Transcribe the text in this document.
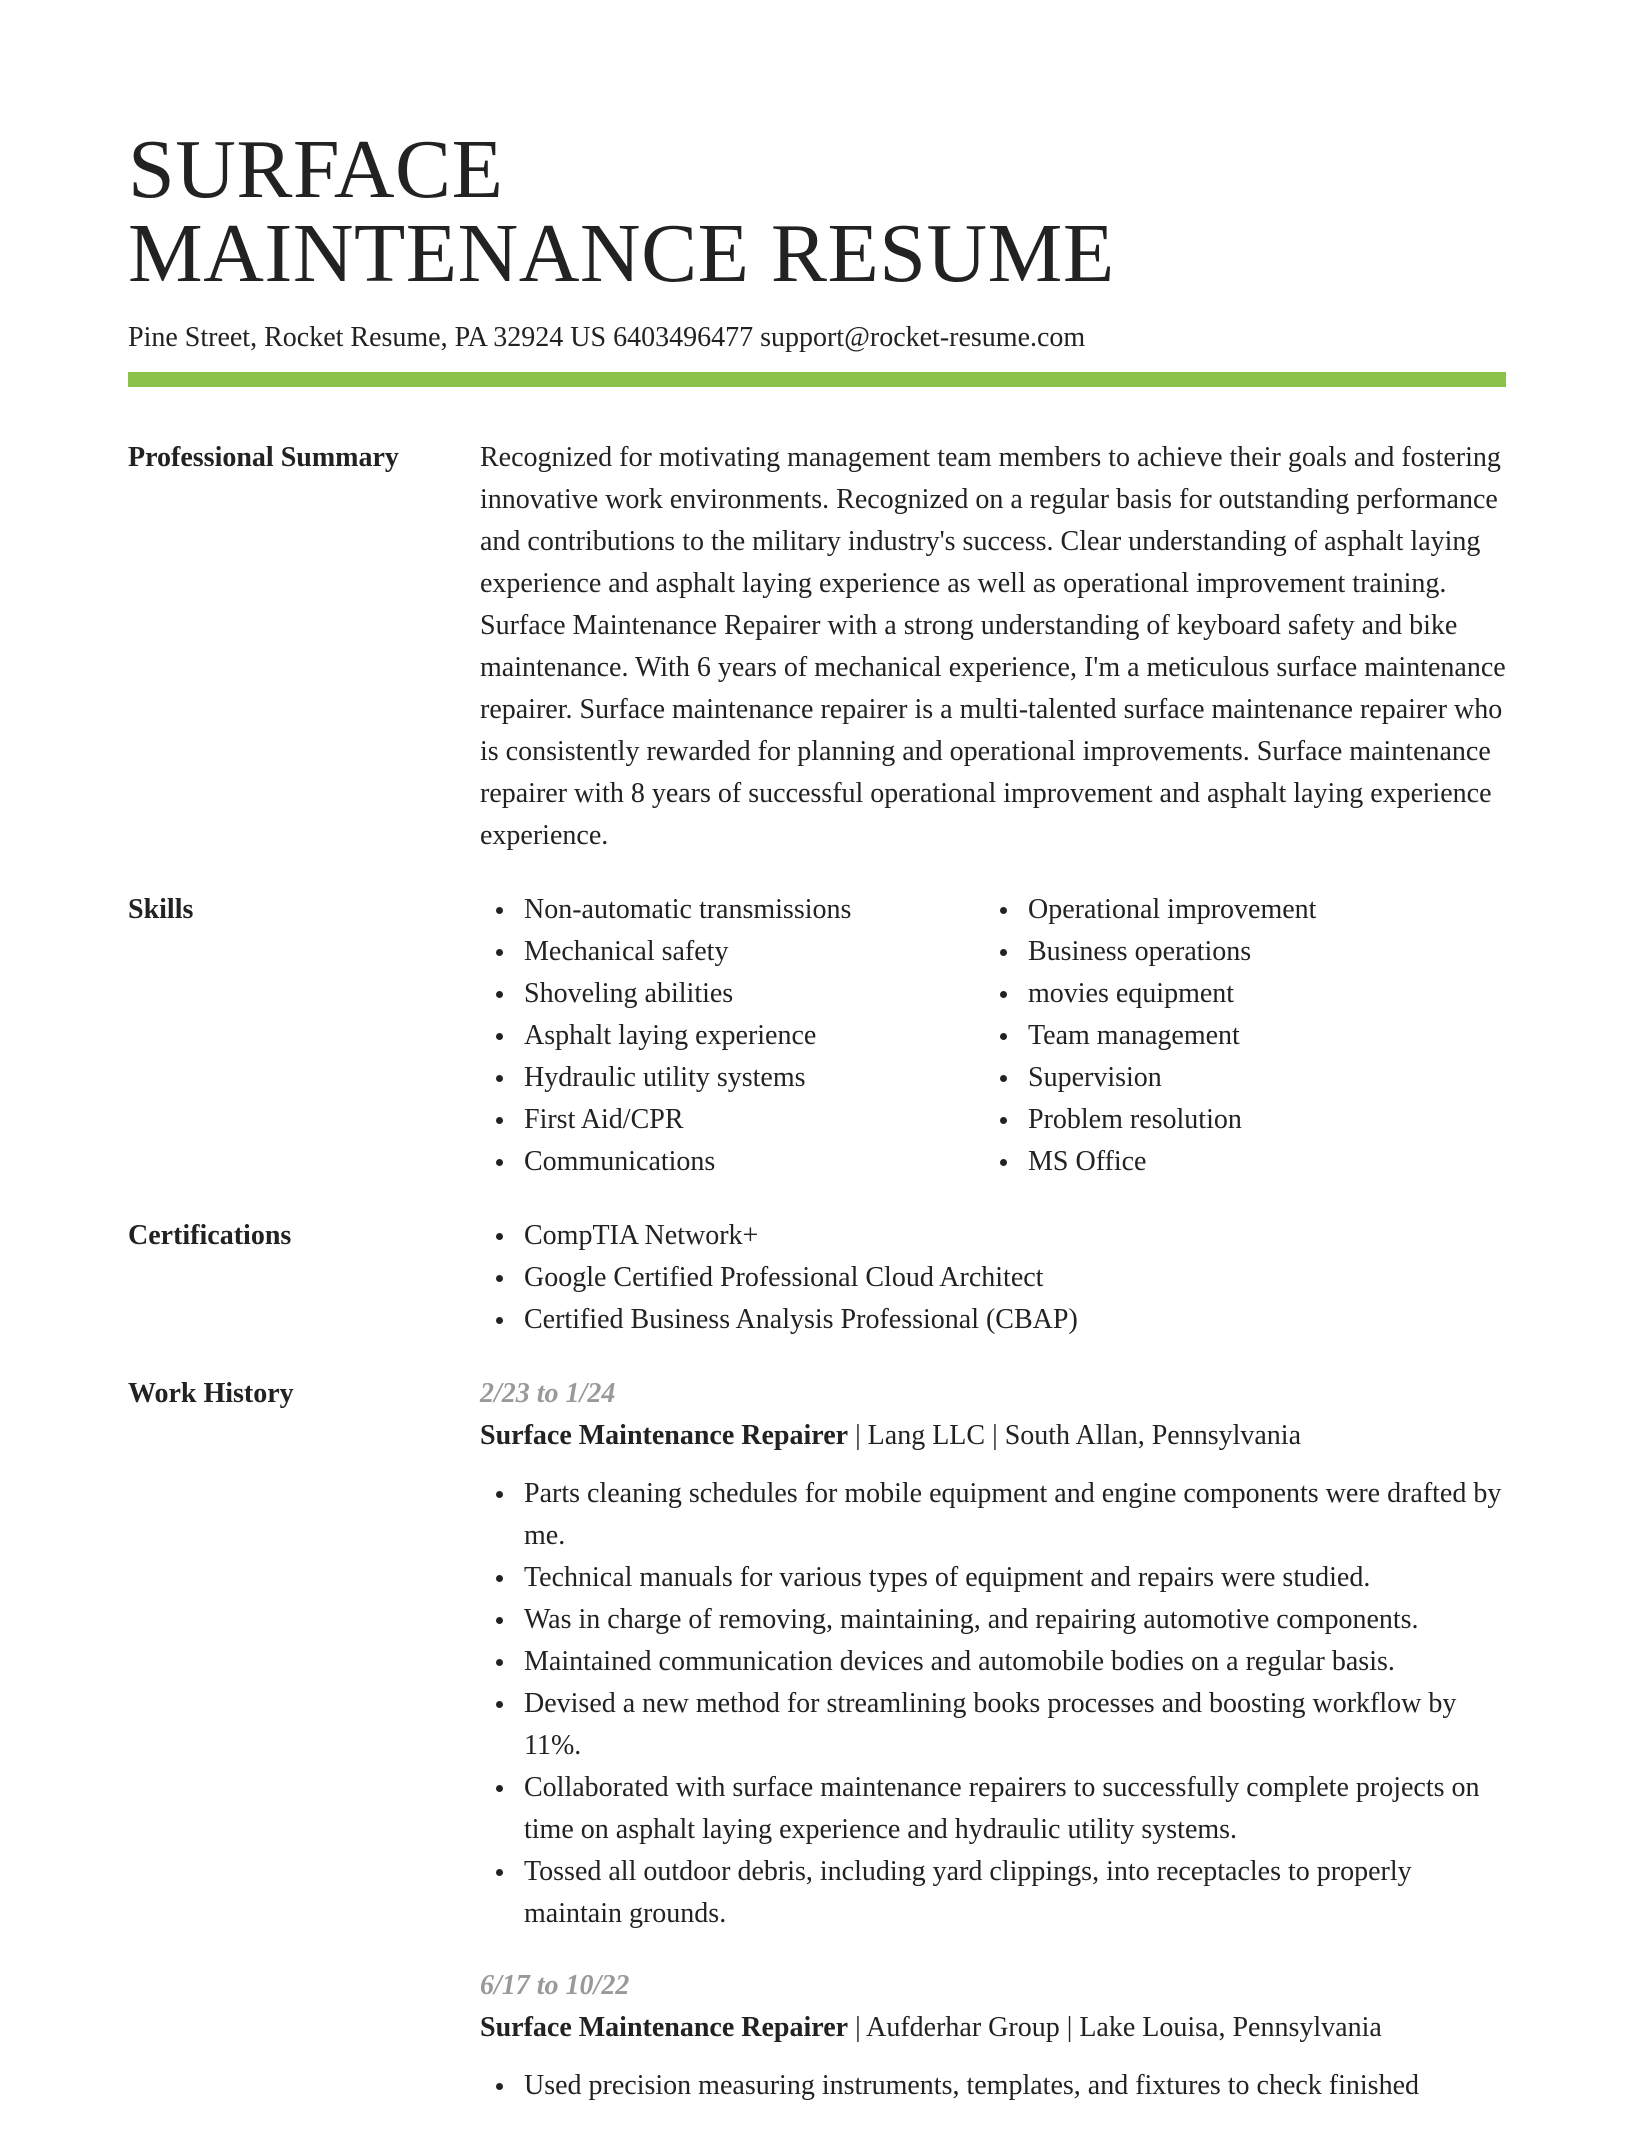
SURFACE
MAINTENANCE RESUME
Pine Street, Rocket Resume, PA 32924 US 6403496477 support@rocket-resume.com
Professional Summary	Recognized for motivating management team members to achieve their goals and fostering innovative work environments. Recognized on a regular basis for outstanding performance and contributions to the military industry's success. Clear understanding of asphalt laying experience and asphalt laying experience as well as operational improvement training. Surface Maintenance Repairer with a strong understanding of keyboard safety and bike maintenance. With 6 years of mechanical experience, I'm a meticulous surface maintenance repairer. Surface maintenance repairer is a multi-talented surface maintenance repairer who is consistently rewarded for planning and operational improvements. Surface maintenance repairer with 8 years of successful operational improvement and asphalt laying experience experience.

Skills	Non-automatic transmissions
Mechanical safety
Shoveling abilities
Asphalt laying experience
Hydraulic utility systems
First Aid/CPR
Communications
Operational improvement
Business operations
movies equipment
Team management
Supervision
Problem resolution
MS Office
Certifications	CompTIA Network+
Google Certified Professional Cloud Architect
Certified Business Analysis Professional (CBAP)
Work History	2/23 to 1/24
Surface Maintenance Repairer | Lang LLC | South Allan, Pennsylvania
Parts cleaning schedules for mobile equipment and engine components were drafted by me.
Technical manuals for various types of equipment and repairs were studied.
Was in charge of removing, maintaining, and repairing automotive components.
Maintained communication devices and automobile bodies on a regular basis.
Devised a new method for streamlining books processes and boosting workflow by 11%.
Collaborated with surface maintenance repairers to successfully complete projects on time on asphalt laying experience and hydraulic utility systems.
Tossed all outdoor debris, including yard clippings, into receptacles to properly maintain grounds.
6/17 to 10/22
Surface Maintenance Repairer | Aufderhar Group | Lake Louisa, Pennsylvania
Used precision measuring instruments, templates, and fixtures to check finished
